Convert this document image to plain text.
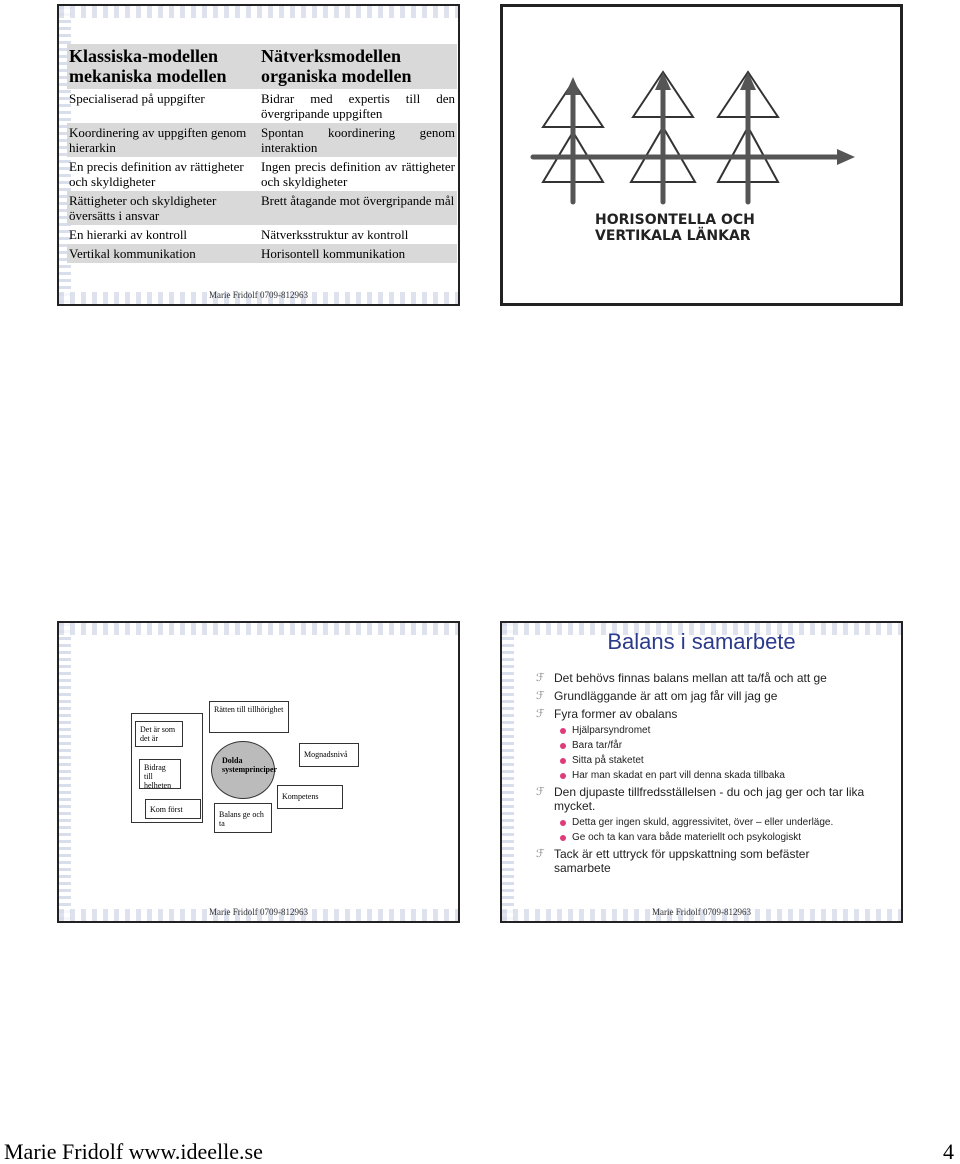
Klassiska-modellen mekaniska modellen	Nätverksmodellen organiska modellen
Specialiserad på uppgifter	Bidrar med expertis till den övergripande uppgiften
Koordinering av uppgiften genom hierarkin	Spontan koordinering genom interaktion
En precis definition av rättigheter och skyldigheter	Ingen precis definition av rättigheter och skyldigheter
Rättigheter och skyldigheter översätts i ansvar	Brett åtagande mot övergripande mål
En hierarki av kontroll	Nätverksstruktur av kontroll
Vertikal kommunikation	Horisontell kommunikation
Marie Fridolf 0709-812963
HORISONTELLA OCH
VERTIKALA LÄNKAR
Det är som det är
Bidrag till helheten
Kom först
Rätten till tillhörighet
Dolda systemprinciper
Balans ge och ta
Mognadsnivå
Kompetens
Marie Fridolf 0709-812963
Balans i samarbete
ℱ Det behövs finnas balans mellan att ta/få och att ge
ℱ Grundläggande är att om jag får vill jag ge
ℱ Fyra former av obalans
Hjälparsyndromet
Bara tar/får
Sitta på staketet
Har man skadat en part vill denna skada tillbaka
ℱ Den djupaste tillfredsställelsen - du och jag ger och tar lika mycket.
Detta ger ingen skuld, aggressivitet, över – eller underläge.
Ge och ta kan vara både materiellt och psykologiskt
ℱ Tack är ett uttryck för uppskattning som befäster samarbete
Marie Fridolf 0709-812963
Marie Fridolf www.ideelle.se	4
